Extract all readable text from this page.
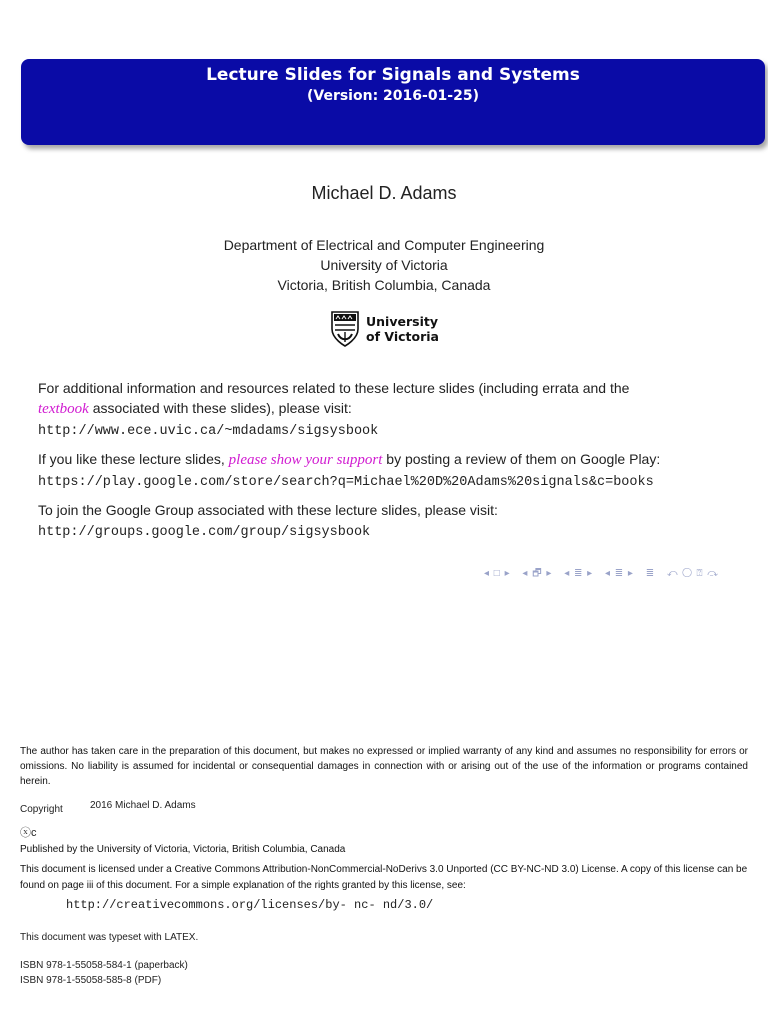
Lecture Slides for Signals and Systems
(Version: 2016-01-25)
Michael D. Adams
Department of Electrical and Computer Engineering
University of Victoria
Victoria, British Columbia, Canada
University
of Victoria

For additional information and resources related to these lecture slides (including errata and the
textbook associated with these slides), please visit:
http://www.ece.uvic.ca/~mdadams/sigsysbook

If you like these lecture slides, please show your support by posting a review of them on Google Play:
https://play.google.com/store/search?q=Michael%20D%20Adams%20signals&c=books

To join the Google Group associated with these lecture slides, please visit:
http://groups.google.com/group/sigsysbook

◂ □ ▸ ◂ 🗗 ▸ ◂ ≣ ▸ ◂ ≣ ▸ ≣ ⤺ ◯ ⍰ ⤼

The author has taken care in the preparation of this document, but makes no expressed or implied warranty of any kind and assumes no responsibility for errors or omissions. No liability is assumed for incidental or consequential damages in connection with or arising out of the use of the information or programs contained herein.

Copyright	2016 Michael D. Adams
ⓧc
Published by the University of Victoria, Victoria, British Columbia, Canada
This document is licensed under a Creative Commons Attribution-NonCommercial-NoDerivs 3.0 Unported (CC BY-NC-ND 3.0) License. A copy of this license can be found on page iii of this document. For a simple explanation of the rights granted by this license, see:
http://creativecommons.org/licenses/by- nc- nd/3.0/
This document was typeset with LATEX.
ISBN 978-1-55058-584-1 (paperback)
ISBN 978-1-55058-585-8 (PDF)
